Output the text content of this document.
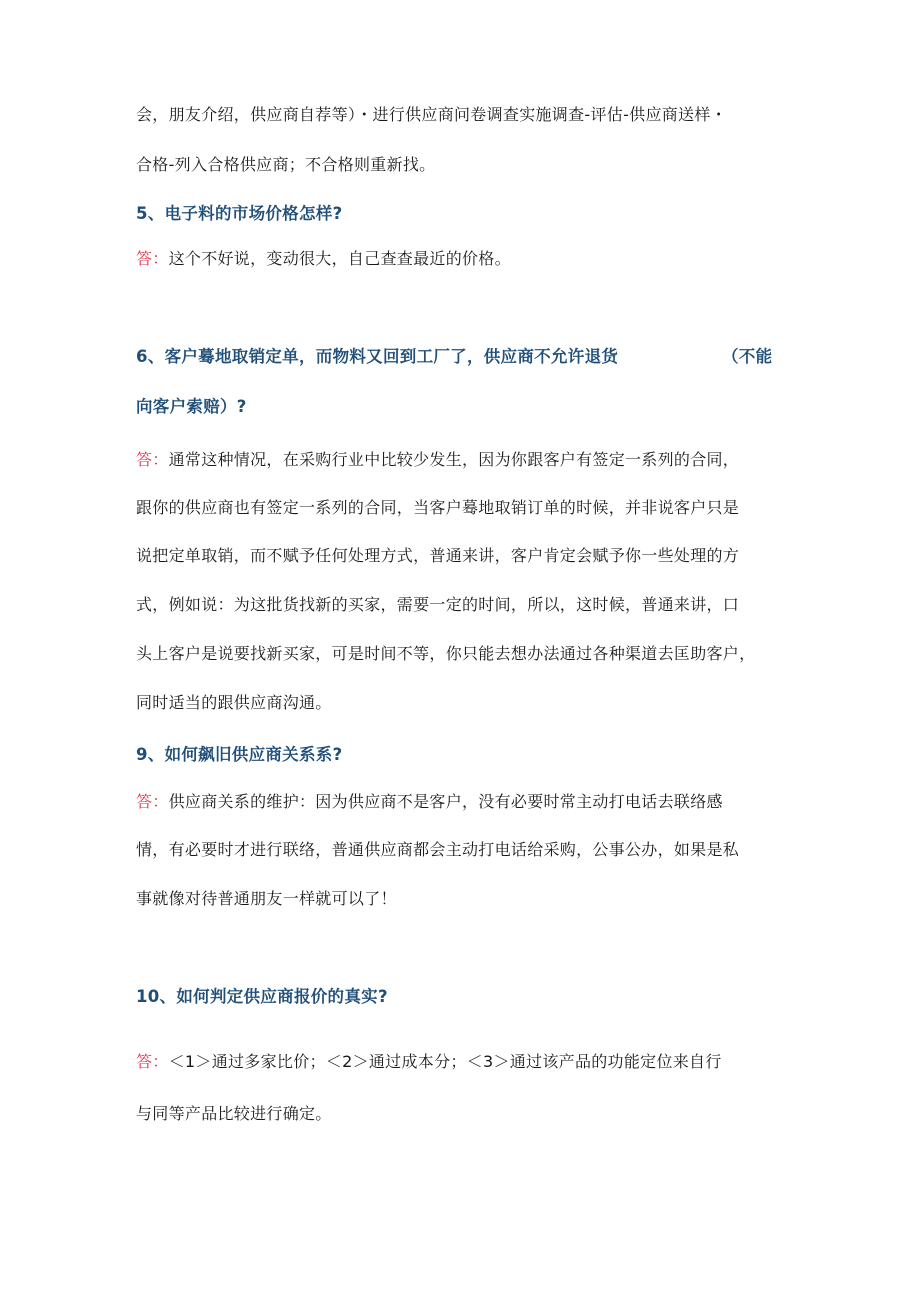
会，朋友介绍，供应商自荐等）・进行供应商问卷调查实施调查-评估-供应商送样・
合格-列入合格供应商；不合格则重新找。
5、电子料的市场价格怎样?
答：这个不好说，变动很大，自己查查最近的价格。
6、客户蓦地取销定单，而物料又回到工厂了，供应商不允许退货	（不能
向客户索赔）?
答：通常这种情况，在采购行业中比较少发生，因为你跟客户有签定一系列的合同，
跟你的供应商也有签定一系列的合同，当客户蓦地取销订单的时候，并非说客户只是
说把定单取销，而不赋予任何处理方式，普通来讲，客户肯定会赋予你一些处理的方
式，例如说：为这批货找新的买家，需要一定的时间，所以，这时候，普通来讲，口
头上客户是说要找新买家，可是时间不等，你只能去想办法通过各种渠道去匡助客户，
同时适当的跟供应商沟通。
9、如何飙旧供应商关系系?
答：供应商关系的维护：因为供应商不是客户，没有必要时常主动打电话去联络感
情，有必要时才进行联络，普通供应商都会主动打电话给采购，公事公办，如果是私
事就像对待普通朋友一样就可以了！
10、如何判定供应商报价的真实?
答：＜1＞通过多家比价；＜2＞通过成本分；＜3＞通过该产品的功能定位来自行
与同等产品比较进行确定。
